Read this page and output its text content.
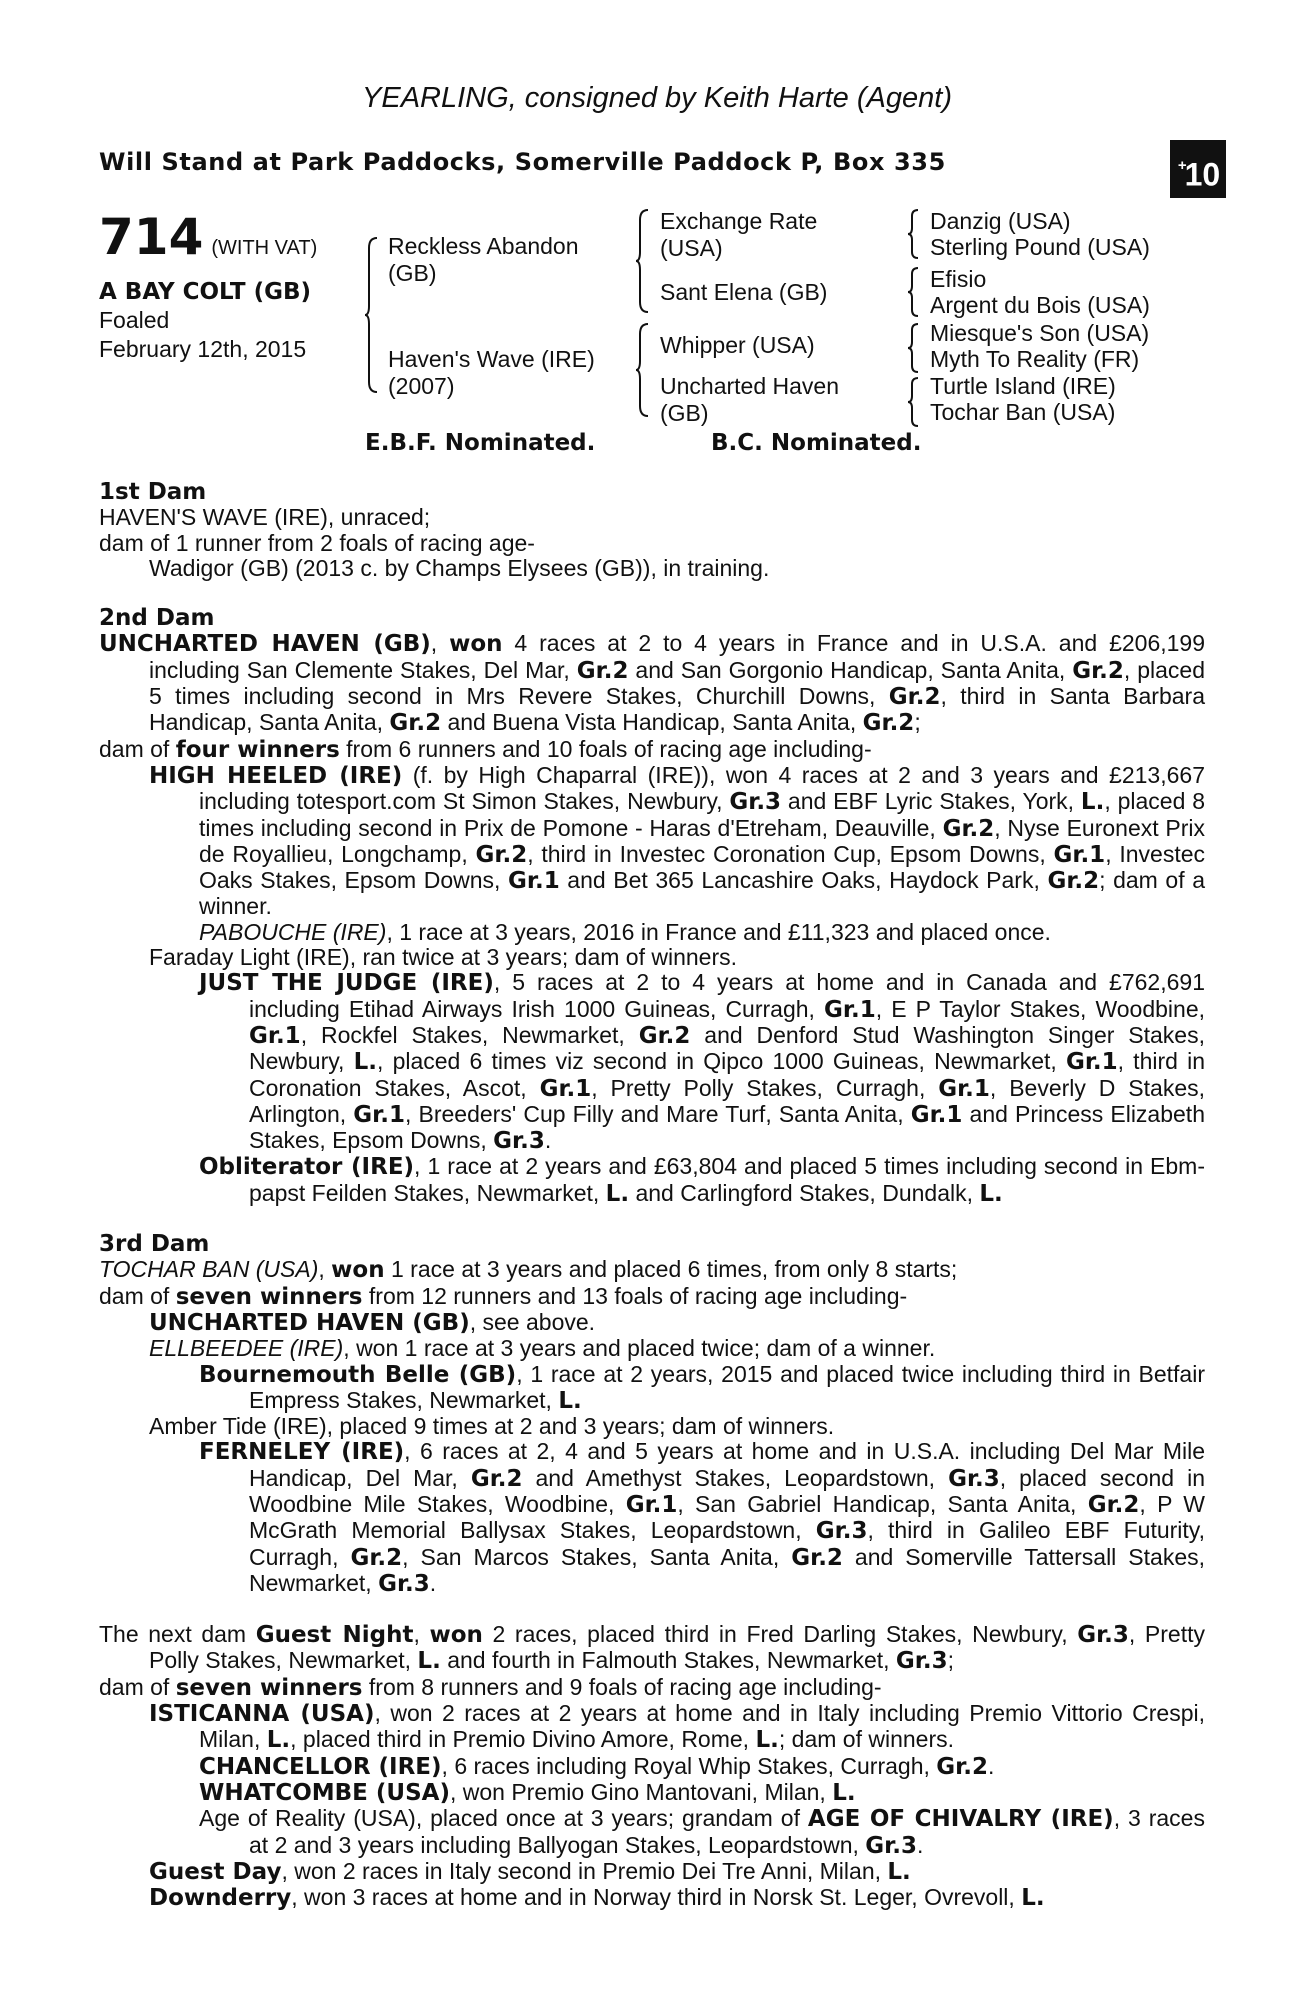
YEARLING, consigned by Keith Harte (Agent)
Will Stand at Park Paddocks, Somerville Paddock P, Box 335	+10
714 (WITH VAT)
A BAY COLT (GB)
Foaled
February 12th, 2015
Reckless Abandon
(GB)
Haven's Wave (IRE)
(2007)
Exchange Rate
(USA)
Sant Elena (GB)
Whipper (USA)
Uncharted Haven
(GB)
Danzig (USA)
Sterling Pound (USA)
Efisio
Argent du Bois (USA)
Miesque's Son (USA)
Myth To Reality (FR)
Turtle Island (IRE)
Tochar Ban (USA)
E.B.F. Nominated.	B.C. Nominated.
1st Dam
HAVEN'S WAVE (IRE), unraced;
dam of 1 runner from 2 foals of racing age-
Wadigor (GB) (2013 c. by Champs Elysees (GB)), in training.
2nd Dam
UNCHARTED HAVEN (GB), won 4 races at 2 to 4 years in France and in U.S.A. and £206,199 including San Clemente Stakes, Del Mar, Gr.2 and San Gorgonio Handicap, Santa Anita, Gr.2, placed 5 times including second in Mrs Revere Stakes, Churchill Downs, Gr.2, third in Santa Barbara Handicap, Santa Anita, Gr.2 and Buena Vista Handicap, Santa Anita, Gr.2;
dam of four winners from 6 runners and 10 foals of racing age including-
HIGH HEELED (IRE) (f. by High Chaparral (IRE)), won 4 races at 2 and 3 years and £213,667 including totesport.com St Simon Stakes, Newbury, Gr.3 and EBF Lyric Stakes, York, L., placed 8 times including second in Prix de Pomone - Haras d'Etreham, Deauville, Gr.2, Nyse Euronext Prix de Royallieu, Longchamp, Gr.2, third in Investec Coronation Cup, Epsom Downs, Gr.1, Investec Oaks Stakes, Epsom Downs, Gr.1 and Bet 365 Lancashire Oaks, Haydock Park, Gr.2; dam of a winner.
PABOUCHE (IRE), 1 race at 3 years, 2016 in France and £11,323 and placed once.
Faraday Light (IRE), ran twice at 3 years; dam of winners.
JUST THE JUDGE (IRE), 5 races at 2 to 4 years at home and in Canada and £762,691 including Etihad Airways Irish 1000 Guineas, Curragh, Gr.1, E P Taylor Stakes, Woodbine, Gr.1, Rockfel Stakes, Newmarket, Gr.2 and Denford Stud Washington Singer Stakes, Newbury, L., placed 6 times viz second in Qipco 1000 Guineas, Newmarket, Gr.1, third in Coronation Stakes, Ascot, Gr.1, Pretty Polly Stakes, Curragh, Gr.1, Beverly D Stakes, Arlington, Gr.1, Breeders' Cup Filly and Mare Turf, Santa Anita, Gr.1 and Princess Elizabeth Stakes, Epsom Downs, Gr.3.
Obliterator (IRE), 1 race at 2 years and £63,804 and placed 5 times including second in Ebm-papst Feilden Stakes, Newmarket, L. and Carlingford Stakes, Dundalk, L.
3rd Dam
TOCHAR BAN (USA), won 1 race at 3 years and placed 6 times, from only 8 starts;
dam of seven winners from 12 runners and 13 foals of racing age including-
UNCHARTED HAVEN (GB), see above.
ELLBEEDEE (IRE), won 1 race at 3 years and placed twice; dam of a winner.
Bournemouth Belle (GB), 1 race at 2 years, 2015 and placed twice including third in Betfair Empress Stakes, Newmarket, L.
Amber Tide (IRE), placed 9 times at 2 and 3 years; dam of winners.
FERNELEY (IRE), 6 races at 2, 4 and 5 years at home and in U.S.A. including Del Mar Mile Handicap, Del Mar, Gr.2 and Amethyst Stakes, Leopardstown, Gr.3, placed second in Woodbine Mile Stakes, Woodbine, Gr.1, San Gabriel Handicap, Santa Anita, Gr.2, P W McGrath Memorial Ballysax Stakes, Leopardstown, Gr.3, third in Galileo EBF Futurity, Curragh, Gr.2, San Marcos Stakes, Santa Anita, Gr.2 and Somerville Tattersall Stakes, Newmarket, Gr.3.
The next dam Guest Night, won 2 races, placed third in Fred Darling Stakes, Newbury, Gr.3, Pretty Polly Stakes, Newmarket, L. and fourth in Falmouth Stakes, Newmarket, Gr.3;
dam of seven winners from 8 runners and 9 foals of racing age including-
ISTICANNA (USA), won 2 races at 2 years at home and in Italy including Premio Vittorio Crespi, Milan, L., placed third in Premio Divino Amore, Rome, L.; dam of winners.
CHANCELLOR (IRE), 6 races including Royal Whip Stakes, Curragh, Gr.2.
WHATCOMBE (USA), won Premio Gino Mantovani, Milan, L.
Age of Reality (USA), placed once at 3 years; grandam of AGE OF CHIVALRY (IRE), 3 races at 2 and 3 years including Ballyogan Stakes, Leopardstown, Gr.3.
Guest Day, won 2 races in Italy second in Premio Dei Tre Anni, Milan, L.
Downderry, won 3 races at home and in Norway third in Norsk St. Leger, Ovrevoll, L.
